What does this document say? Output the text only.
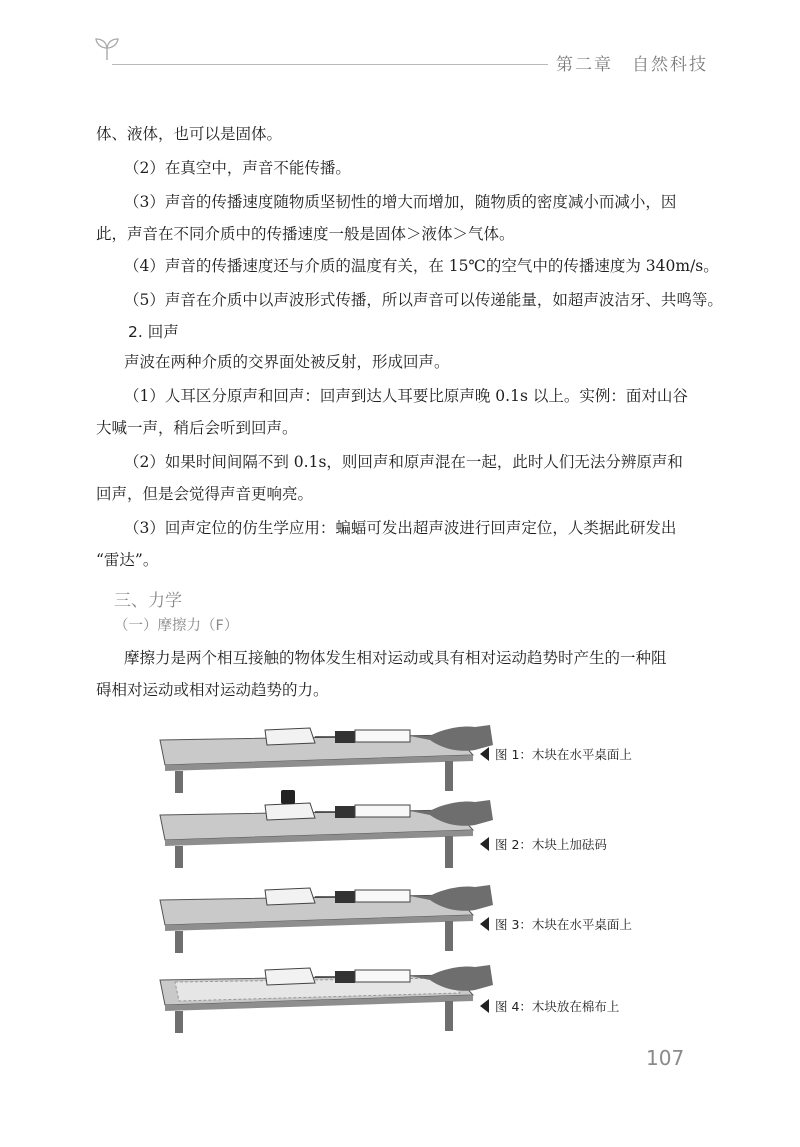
第二章　自然科技
体、液体，也可以是固体。
（2）在真空中，声音不能传播。
（3）声音的传播速度随物质坚韧性的增大而增加，随物质的密度减小而减小，因
此，声音在不同介质中的传播速度一般是固体＞液体＞气体。
（4）声音的传播速度还与介质的温度有关，在 15℃的空气中的传播速度为 340m/s。
（5）声音在介质中以声波形式传播，所以声音可以传递能量，如超声波洁牙、共鸣等。
2. 回声
声波在两种介质的交界面处被反射，形成回声。
（1）人耳区分原声和回声：回声到达人耳要比原声晚 0.1s 以上。实例：面对山谷
大喊一声，稍后会听到回声。
（2）如果时间间隔不到 0.1s，则回声和原声混在一起，此时人们无法分辨原声和
回声，但是会觉得声音更响亮。
（3）回声定位的仿生学应用：蝙蝠可发出超声波进行回声定位，人类据此研发出
“雷达”。
三、力学
（一）摩擦力（F）
摩擦力是两个相互接触的物体发生相对运动或具有相对运动趋势时产生的一种阻
碍相对运动或相对运动趋势的力。
图 1：木块在水平桌面上
图 2：木块上加砝码
图 3：木块在水平桌面上
图 4：木块放在棉布上
107
